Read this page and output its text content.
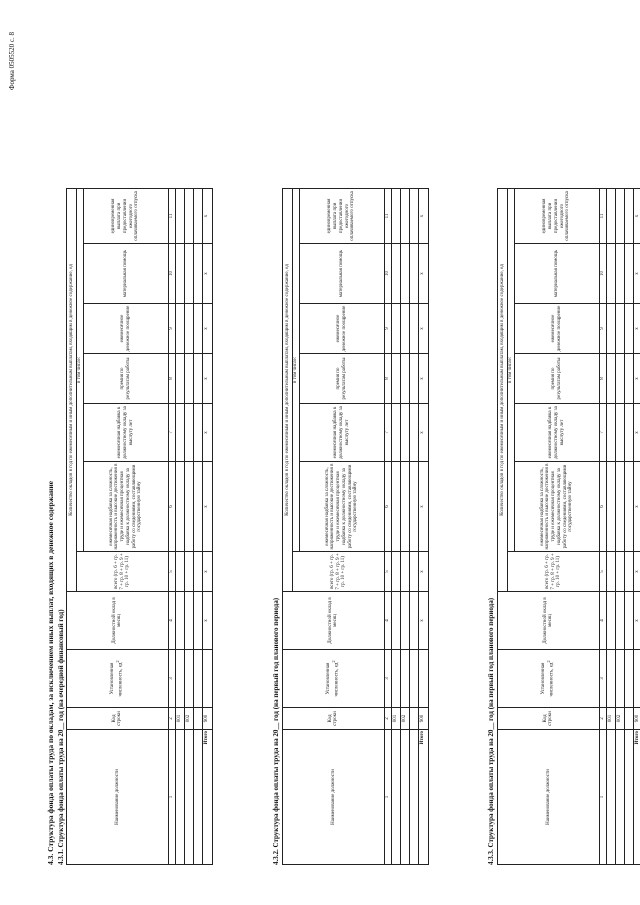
Форма 0505520 с. 8
4.3. Структура фонда оплаты труда по окладам, за исключением иных выплат, входящих в денежное содержание 4.3.1. Структура фонда оплаты труда на 20__ год (на очередной финансовый год)	Наименование должности	Код строки	Установленная численность, $ед^2$	Должностной оклад в месяц	Количество окладов в год по ежемесячным и иным дополнительным выплатам, входящим в денежное содержание, ед							
				всего (гр. 6 + гр. 7 + гр. 8 + гр. 9 + гр. 10 + гр. 11)	в том числе:						
					ежемесячная надбавка за сложность, напряженность и высокие достижения в труде и ежемесячная процентная надбавка к должностному окладу за работу со сведениями, составляющими государственную тайну	ежемесячная надбавка к должностному окладу за выслугу лет	премия по результатам работы	ежемесячное денежное поощрение	материальная помощь	единовременная выплата при предоставлении ежегодного оплачиваемого отпуска	
1	2	3	4	5	6	7	8	9	10	11	
	001										
	002										

Итого	900		x	x	x	x	x	x	x	x	
4.3.2. Структура фонда оплаты труда на 20__ год (на первый год планового периода)	Наименование должности	Код строки	Установленная численность, $ед^2$	Должностной оклад в месяц	Количество окладов в год по ежемесячным и иным дополнительным выплатам, входящим в денежное содержание, ед							
				всего (гр. 6 + гр. 7 + гр. 8 + гр. 9 + гр. 10 + гр. 11)	в том числе:						
					ежемесячная надбавка за сложность, напряженность и высокие достижения в труде и ежемесячная процентная надбавка к должностному окладу за работу со сведениями, составляющими государственную тайну	ежемесячная надбавка к должностному окладу за выслугу лет	премия по результатам работы	ежемесячное денежное поощрение	материальная помощь	единовременная выплата при предоставлении ежегодного оплачиваемого отпуска	
1	2	3	4	5	6	7	8	9	10	11	
	001										
	002										

Итого	900		x	x	x	x	x	x	x	x	
4.3.3. Структура фонда оплаты труда на 20__ год (на первый год планового периода)	Наименование должности	Код строки	Установленная численность, $ед^2$	Должностной оклад в месяц	Количество окладов в год по ежемесячным и иным дополнительным выплатам, входящим в денежное содержание, ед							
				всего (гр. 6 + гр. 7 + гр. 8 + гр. 9 + гр. 10 + гр. 11)	в том числе:						
					ежемесячная надбавка за сложность, напряженность и высокие достижения в труде и ежемесячная процентная надбавка к должностному окладу за работу со сведениями, составляющими государственную тайну	ежемесячная надбавка к должностному окладу за выслугу лет	премия по результатам работы	ежемесячное денежное поощрение	материальная помощь	единовременная выплата при предоставлении ежегодного оплачиваемого отпуска	
1	2	3	4	5	6	7	8	9	10	11	
	001										
	002										

Итого	900		x	x	x	x	x	x	x	x	
